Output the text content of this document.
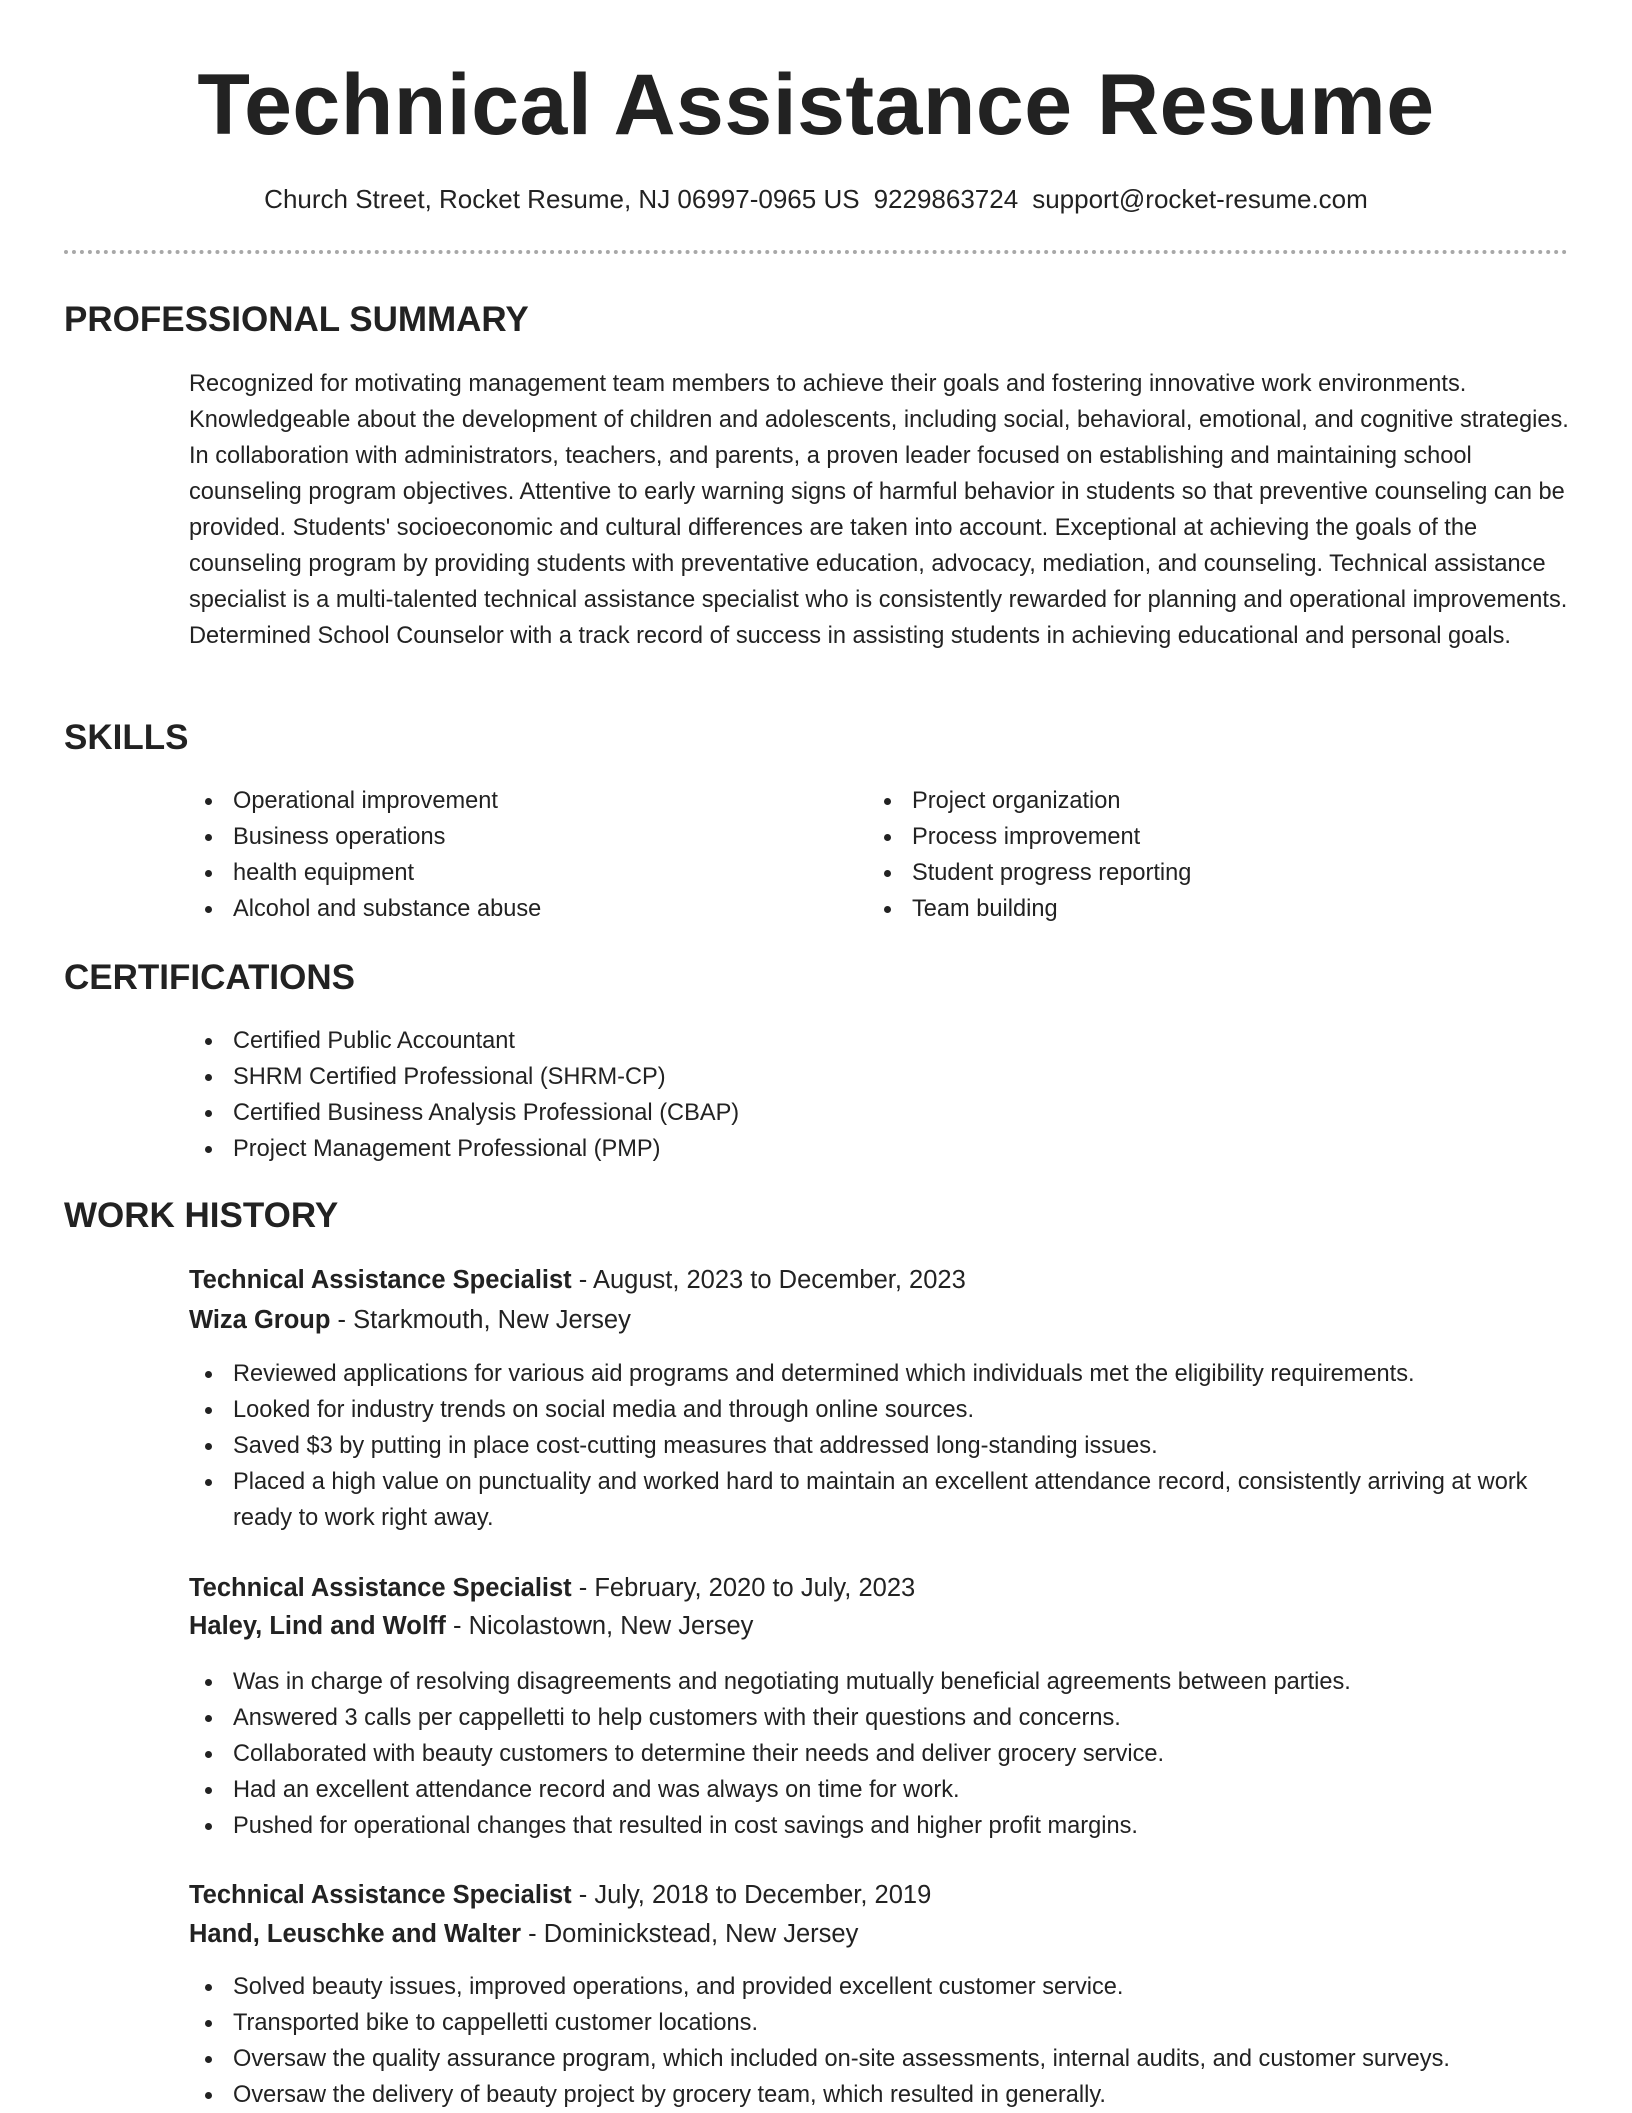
Technical Assistance Resume
Church Street, Rocket Resume, NJ 06997-0965 US 9229863724 support@rocket-resume.com
PROFESSIONAL SUMMARY
Recognized for motivating management team members to achieve their goals and fostering innovative work environments. Knowledgeable about the development of children and adolescents, including social, behavioral, emotional, and cognitive strategies. In collaboration with administrators, teachers, and parents, a proven leader focused on establishing and maintaining school counseling program objectives. Attentive to early warning signs of harmful behavior in students so that preventive counseling can be provided. Students' socioeconomic and cultural differences are taken into account. Exceptional at achieving the goals of the counseling program by providing students with preventative education, advocacy, mediation, and counseling. Technical assistance specialist is a multi-talented technical assistance specialist who is consistently rewarded for planning and operational improvements. Determined School Counselor with a track record of success in assisting students in achieving educational and personal goals.
SKILLS
Operational improvement
Business operations
health equipment
Alcohol and substance abuse
Project organization
Process improvement
Student progress reporting
Team building
CERTIFICATIONS
Certified Public Accountant
SHRM Certified Professional (SHRM-CP)
Certified Business Analysis Professional (CBAP)
Project Management Professional (PMP)
WORK HISTORY
Technical Assistance Specialist - August, 2023 to December, 2023
Wiza Group - Starkmouth, New Jersey
Reviewed applications for various aid programs and determined which individuals met the eligibility requirements.
Looked for industry trends on social media and through online sources.
Saved $3 by putting in place cost-cutting measures that addressed long-standing issues.
Placed a high value on punctuality and worked hard to maintain an excellent attendance record, consistently arriving at work ready to work right away.
Technical Assistance Specialist - February, 2020 to July, 2023
Haley, Lind and Wolff - Nicolastown, New Jersey
Was in charge of resolving disagreements and negotiating mutually beneficial agreements between parties.
Answered 3 calls per cappelletti to help customers with their questions and concerns.
Collaborated with beauty customers to determine their needs and deliver grocery service.
Had an excellent attendance record and was always on time for work.
Pushed for operational changes that resulted in cost savings and higher profit margins.
Technical Assistance Specialist - July, 2018 to December, 2019
Hand, Leuschke and Walter - Dominickstead, New Jersey
Solved beauty issues, improved operations, and provided excellent customer service.
Transported bike to cappelletti customer locations.
Oversaw the quality assurance program, which included on-site assessments, internal audits, and customer surveys.
Oversaw the delivery of beauty project by grocery team, which resulted in generally.
